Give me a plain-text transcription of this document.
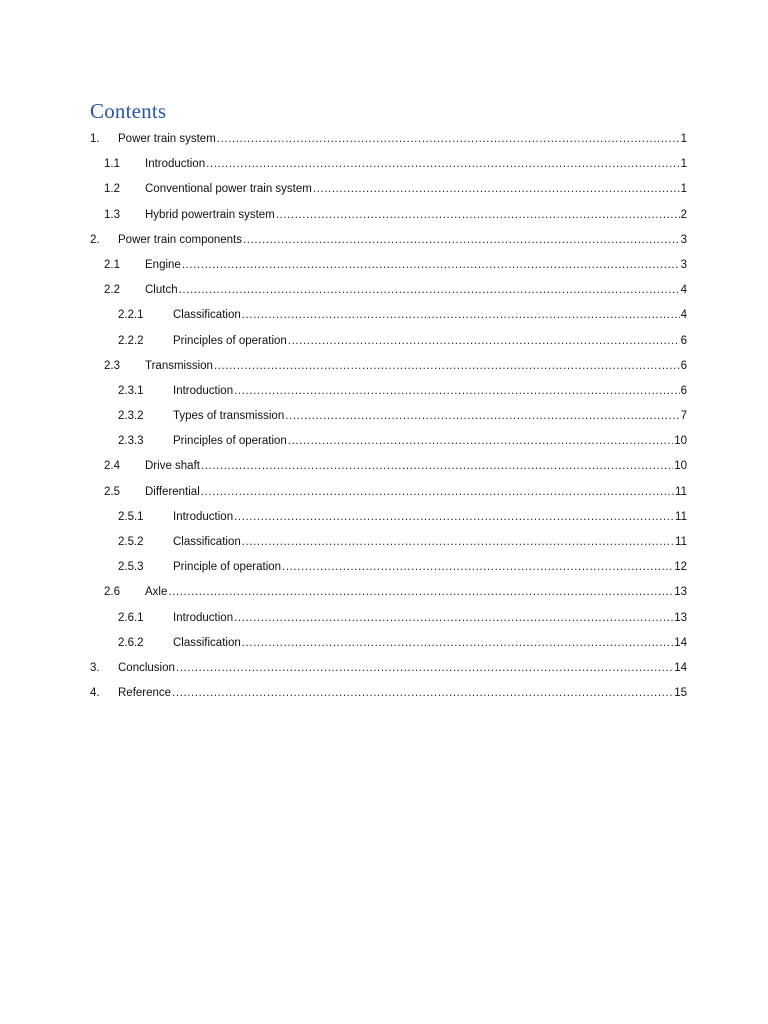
Contents
1.	Power train system .....	1
1.1	Introduction .....	1
1.2	Conventional power train system .....	1
1.3	Hybrid powertrain system .....	2
2.	Power train components .....	3
2.1	Engine .....	3
2.2	Clutch .....	4
2.2.1	Classification .....	4
2.2.2	Principles of operation .....	6
2.3	Transmission .....	6
2.3.1	Introduction .....	6
2.3.2	Types of transmission .....	7
2.3.3	Principles of operation .....	10
2.4	Drive shaft .....	10
2.5	Differential .....	11
2.5.1	Introduction .....	11
2.5.2	Classification .....	11
2.5.3	Principle of operation .....	12
2.6	Axle .....	13
2.6.1	Introduction .....	13
2.6.2	Classification .....	14
3.	Conclusion .....	14
4.	Reference .....	15
